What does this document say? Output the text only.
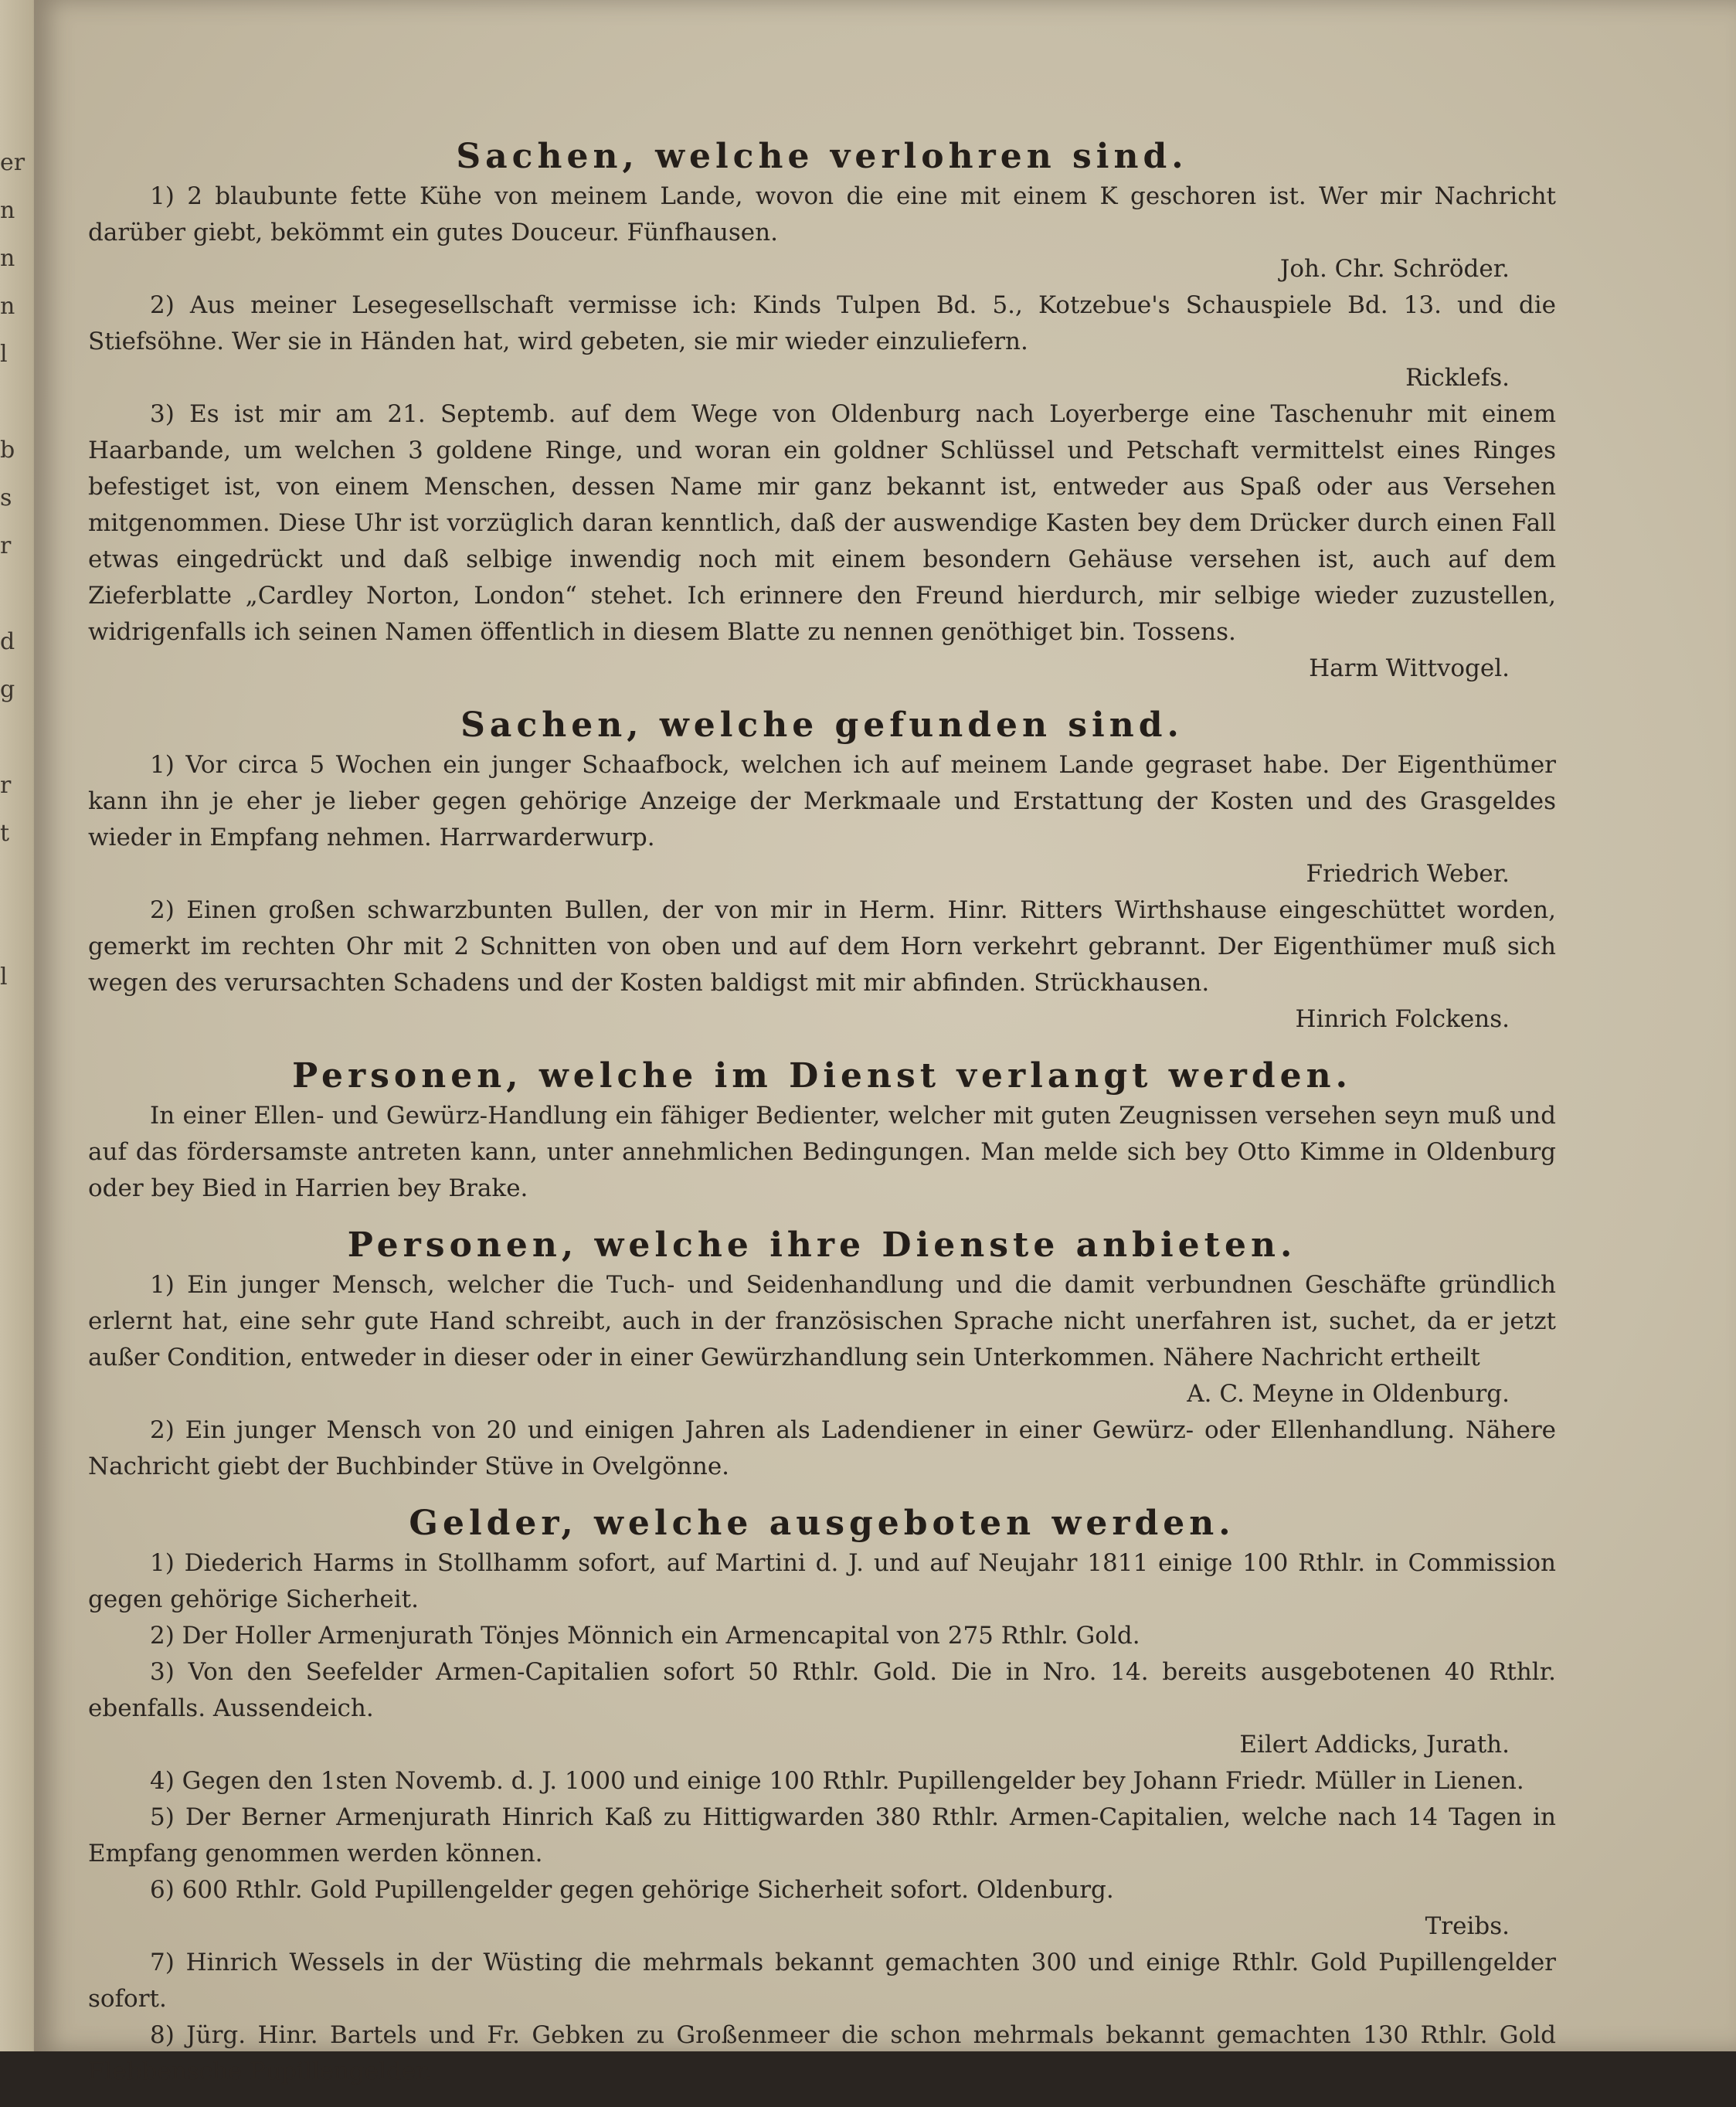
er
n
n
n
l

b
s
r

d
g

r
t

l

Sachen, welche verlohren sind.

1) 2 blaubunte fette Kühe von meinem Lande, wovon die eine mit einem K geschoren ist. Wer mir Nachricht darüber giebt, bekömmt ein gutes Douceur. Fünfhausen.

Joh. Chr. Schröder.

2) Aus meiner Lesegesellschaft vermisse ich: Kinds Tulpen Bd. 5., Kotzebue's Schauspiele Bd. 13. und die Stiefsöhne. Wer sie in Händen hat, wird gebeten, sie mir wieder einzuliefern.

Ricklefs.

3) Es ist mir am 21. Septemb. auf dem Wege von Oldenburg nach Loyerberge eine Taschenuhr mit einem Haarbande, um welchen 3 goldene Ringe, und woran ein goldner Schlüssel und Petschaft vermittelst eines Ringes befestiget ist, von einem Menschen, dessen Name mir ganz bekannt ist, entweder aus Spaß oder aus Versehen mitgenommen. Diese Uhr ist vorzüglich daran kenntlich, daß der auswendige Kasten bey dem Drücker durch einen Fall etwas eingedrückt und daß selbige inwendig noch mit einem besondern Gehäuse versehen ist, auch auf dem Zieferblatte „Cardley Norton, London“ stehet. Ich erinnere den Freund hierdurch, mir selbige wieder zuzustellen, widrigenfalls ich seinen Namen öffentlich in diesem Blatte zu nennen genöthiget bin. Tossens.

Harm Wittvogel.
Sachen, welche gefunden sind.

1) Vor circa 5 Wochen ein junger Schaafbock, welchen ich auf meinem Lande gegraset habe. Der Eigenthümer kann ihn je eher je lieber gegen gehörige Anzeige der Merkmaale und Erstattung der Kosten und des Grasgeldes wieder in Empfang nehmen. Harrwarderwurp.

Friedrich Weber.

2) Einen großen schwarzbunten Bullen, der von mir in Herm. Hinr. Ritters Wirthshause eingeschüttet worden, gemerkt im rechten Ohr mit 2 Schnitten von oben und auf dem Horn verkehrt gebrannt. Der Eigenthümer muß sich wegen des verursachten Schadens und der Kosten baldigst mit mir abfinden. Strückhausen.

Hinrich Folckens.
Personen, welche im Dienst verlangt werden.

In einer Ellen- und Gewürz-Handlung ein fähiger Bedienter, welcher mit guten Zeugnissen versehen seyn muß und auf das fördersamste antreten kann, unter annehmlichen Bedingungen. Man melde sich bey Otto Kimme in Oldenburg oder bey Bied in Harrien bey Brake.

Personen, welche ihre Dienste anbieten.

1) Ein junger Mensch, welcher die Tuch- und Seidenhandlung und die damit verbundnen Geschäfte gründlich erlernt hat, eine sehr gute Hand schreibt, auch in der französischen Sprache nicht unerfahren ist, suchet, da er jetzt außer Condition, entweder in dieser oder in einer Gewürzhandlung sein Unterkommen. Nähere Nachricht ertheilt

A. C. Meyne in Oldenburg.

2) Ein junger Mensch von 20 und einigen Jahren als Ladendiener in einer Gewürz- oder Ellenhandlung. Nähere Nachricht giebt der Buchbinder Stüve in Ovelgönne.

Gelder, welche ausgeboten werden.

1) Diederich Harms in Stollhamm sofort, auf Martini d. J. und auf Neujahr 1811 einige 100 Rthlr. in Commission gegen gehörige Sicherheit.

2) Der Holler Armenjurath Tönjes Mönnich ein Armencapital von 275 Rthlr. Gold.

3) Von den Seefelder Armen-Capitalien sofort 50 Rthlr. Gold. Die in Nro. 14. bereits ausgebotenen 40 Rthlr. ebenfalls. Aussendeich.

Eilert Addicks, Jurath.

4) Gegen den 1sten Novemb. d. J. 1000 und einige 100 Rthlr. Pupillengelder bey Johann Friedr. Müller in Lienen.

5) Der Berner Armenjurath Hinrich Kaß zu Hittigwarden 380 Rthlr. Armen-Capitalien, welche nach 14 Tagen in Empfang genommen werden können.

6) 600 Rthlr. Gold Pupillengelder gegen gehörige Sicherheit sofort. Oldenburg.

Treibs.

7) Hinrich Wessels in der Wüsting die mehrmals bekannt gemachten 300 und einige Rthlr. Gold Pupillengelder sofort.

8) Jürg. Hinr. Bartels und Fr. Gebken zu Großenmeer die schon mehrmals bekannt gemachten 130 Rthlr. Gold Flebbensche Pupillengelder.
